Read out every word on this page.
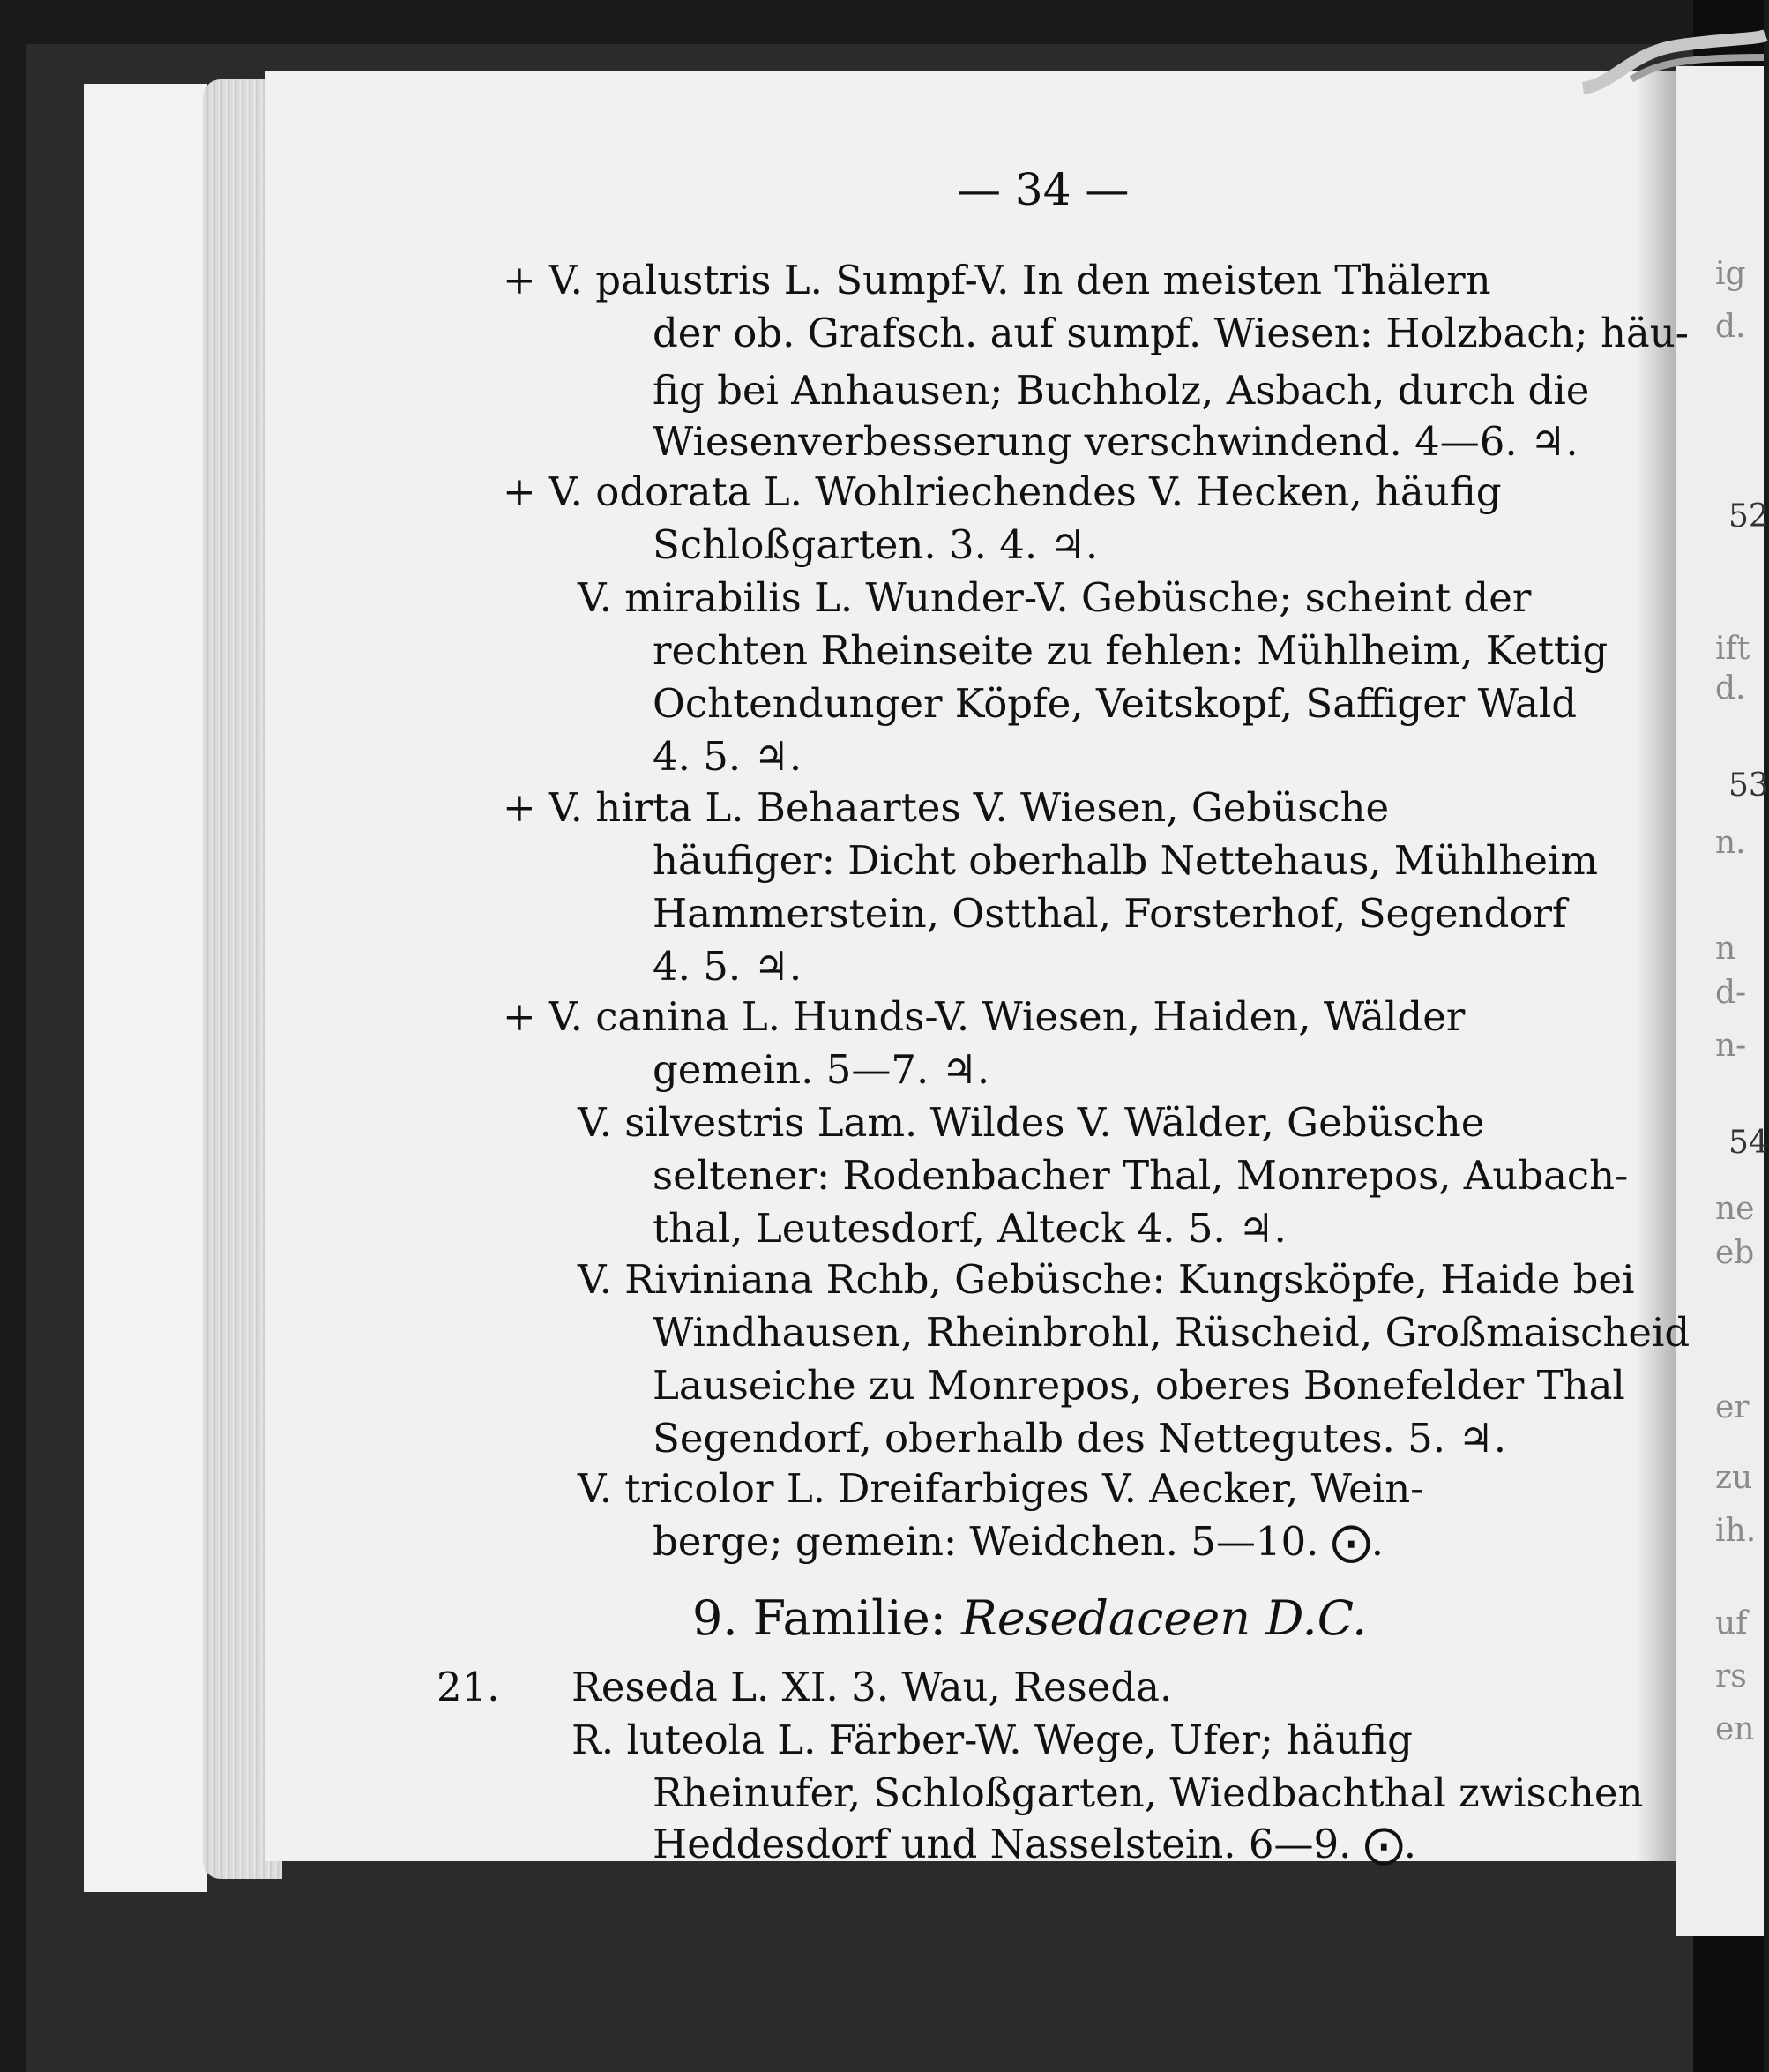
— 34 —
+ V. palustris L. Sumpf-V. In den meisten Thälern
der ob. Grafsch. auf sumpf. Wiesen: Holzbach; häu-
fig bei Anhausen; Buchholz, Asbach, durch die
Wiesenverbesserung verschwindend. 4—6. ♃.
+ V. odorata L. Wohlriechendes V. Hecken, häufig
Schloßgarten. 3. 4. ♃.
V. mirabilis L. Wunder-V. Gebüsche; scheint der
rechten Rheinseite zu fehlen: Mühlheim, Kettig
Ochtendunger Köpfe, Veitskopf, Saffiger Wald
4. 5. ♃.
+ V. hirta L. Behaartes V. Wiesen, Gebüsche
häufiger: Dicht oberhalb Nettehaus, Mühlheim
Hammerstein, Ostthal, Forsterhof, Segendorf
4. 5. ♃.
+ V. canina L. Hunds-V. Wiesen, Haiden, Wälder
gemein. 5—7. ♃.
V. silvestris Lam. Wildes V. Wälder, Gebüsche
seltener: Rodenbacher Thal, Monrepos, Aubach-
thal, Leutesdorf, Alteck 4. 5. ♃.
V. Riviniana Rchb, Gebüsche: Kungsköpfe, Haide bei
Windhausen, Rheinbrohl, Rüscheid, Großmaischeid
Lauseiche zu Monrepos, oberes Bonefelder Thal
Segendorf, oberhalb des Nettegutes. 5. ♃.
V. tricolor L. Dreifarbiges V. Aecker, Wein-
berge; gemein: Weidchen. 5—10. ⨀.
9. Familie: Resedaceen D.C.
21. Reseda L. XI. 3. Wau, Reseda.
R. luteola L. Färber-W. Wege, Ufer; häufig
Rheinufer, Schloßgarten, Wiedbachthal zwischen
Heddesdorf und Nasselstein. 6—9. ⨀.
ig
d.
52
ift
d.
53
n.
n
d-
n-
54
ne
eb
er
zu
ih.
uf
rs
en
